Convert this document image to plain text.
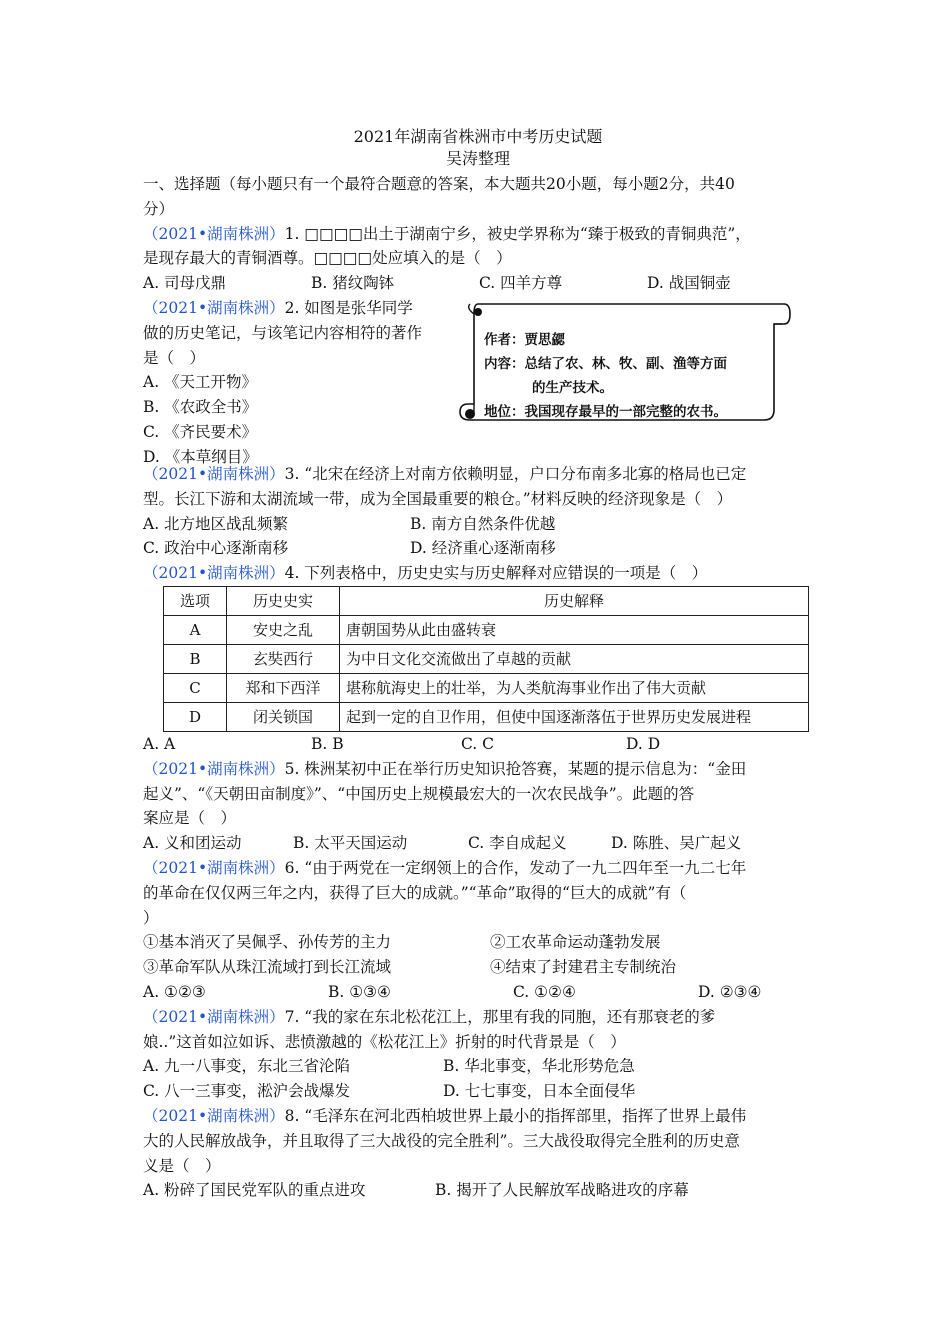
2021年湖南省株洲市中考历史试题
吴涛整理
一、选择题（每小题只有一个最符合题意的答案，本大题共20小题，每小题2分，共40
分）
（2021•湖南株洲）1. □□□□出土于湖南宁乡，被史学界称为“臻于极致的青铜典范”，
是现存最大的青铜酒尊。□□□□处应填入的是（　）
A. 司母戊鼎	B. 猪纹陶钵	C. 四羊方尊	D. 战国铜壶
（2021•湖南株洲）2. 如图是张华同学
做的历史笔记，与该笔记内容相符的著作
是（　）
A. 《天工开物》
B. 《农政全书》
C. 《齐民要术》
D. 《本草纲目》
作者：贾思勰
内容：总结了农、林、牧、副、渔等方面
的生产技术。
地位：我国现存最早的一部完整的农书。
（2021•湖南株洲）3. “北宋在经济上对南方依赖明显，户口分布南多北寡的格局也已定
型。长江下游和太湖流域一带，成为全国最重要的粮仓。”材料反映的经济现象是（　）
A. 北方地区战乱频繁	B. 南方自然条件优越
C. 政治中心逐渐南移	D. 经济重心逐渐南移
（2021•湖南株洲）4. 下列表格中，历史史实与历史解释对应错误的一项是（　）
选项	历史史实	历史解释
A	安史之乱	唐朝国势从此由盛转衰
B	玄奘西行	为中日文化交流做出了卓越的贡献
C	郑和下西洋	堪称航海史上的壮举，为人类航海事业作出了伟大贡献
D	闭关锁国	起到一定的自卫作用，但使中国逐渐落伍于世界历史发展进程
A. A	B. B	C. C	D. D
（2021•湖南株洲）5. 株洲某初中正在举行历史知识抢答赛，某题的提示信息为：“金田
起义”、“《天朝田亩制度》”、“中国历史上规模最宏大的一次农民战争”。此题的答
案应是（　）
A. 义和团运动	B. 太平天国运动	C. 李自成起义	D. 陈胜、吴广起义
（2021•湖南株洲）6. “由于两党在一定纲领上的合作，发动了一九二四年至一九二七年
的革命在仅仅两三年之内，获得了巨大的成就。”“革命”取得的“巨大的成就”有（
）
①基本消灭了吴佩孚、孙传芳的主力	②工农革命运动蓬勃发展
③革命军队从珠江流域打到长江流域	④结束了封建君主专制统治
A. ①②③	B. ①③④	C. ①②④	D. ②③④
（2021•湖南株洲）7. “我的家在东北松花江上，那里有我的同胞，还有那衰老的爹
娘..”这首如泣如诉、悲愤激越的《松花江上》折射的时代背景是（　）
A. 九一八事变，东北三省沦陷	B. 华北事变，华北形势危急
C. 八一三事变，淞沪会战爆发	D. 七七事变，日本全面侵华
（2021•湖南株洲）8. “毛泽东在河北西柏坡世界上最小的指挥部里，指挥了世界上最伟
大的人民解放战争，并且取得了三大战役的完全胜利”。三大战役取得完全胜利的历史意
义是（　）
A. 粉碎了国民党军队的重点进攻	B. 揭开了人民解放军战略进攻的序幕
